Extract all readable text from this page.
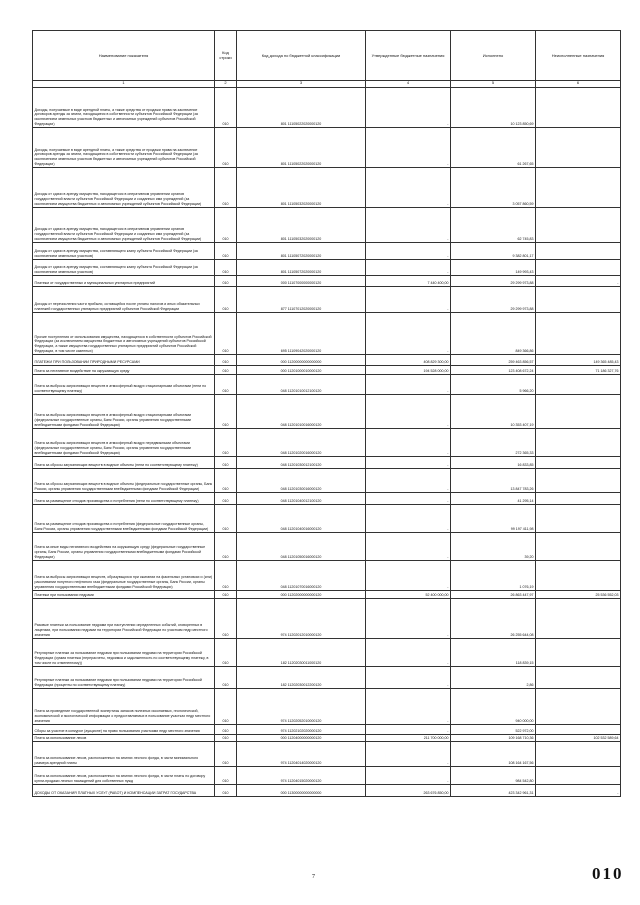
Наименование показателя	Код строки	Код дохода по бюджетной классификации	Утвержденные бюджетные назначения	Исполнено	Неисполненные назначения
1	2	3	4	5	6
Доходы, получаемые в виде арендной платы, а также средства от продажи права на заключение договоров аренды за земли, находящиеся в собственности субъектов Российской Федерации (за исключением земельных участков бюджетных и автономных учреждений субъектов Российской Федерации)	010	801 11105022020000120	-	10 123 850,69	
Доходы, получаемые в виде арендной платы, а также средства от продажи права на заключение договоров аренды за земли, находящиеся в собственности субъектов Российской Федерации (за исключением земельных участков бюджетных и автономных учреждений субъектов Российской Федерации)	010	801 11105022020000120	-	61 267,65	
Доходы от сдачи в аренду имущества, находящегося в оперативном управлении органов государственной власти субъектов Российской Федерации и созданных ими учреждений (за исключением имущества бюджетных и автономных учреждений субъектов Российской Федерации)	010	801 11105032020000120	-	3 057 860,59	
Доходы от сдачи в аренду имущества, находящегося в оперативном управлении органов государственной власти субъектов Российской Федерации и созданных ими учреждений (за исключением имущества бюджетных и автономных учреждений субъектов Российской Федерации)	010	801 11105032020000120	-	62 745,83	
Доходы от сдачи в аренду имущества, составляющего казну субъекта Российской Федерации (за исключением земельных участков)	010	801 11105072020000120	-	9 382 801,17	
Доходы от сдачи в аренду имущества, составляющего казну субъекта Российской Федерации (за исключением земельных участков)	010	801 11105072020000120	-	149 993,43	
Платежи от государственных и муниципальных унитарных предприятий	010	000 11107000000000120	7 440 400,00	29 299 973,88	-
Доходы от перечисления части прибыли, остающейся после уплаты налогов и иных обязательных платежей государственных унитарных предприятий субъектов Российской Федерации	010	877 11107012020000120	-	29 299 973,88	
Прочие поступления от использования имущества, находящегося в собственности субъектов Российской Федерации (за исключением имущества бюджетных и автономных учреждений субъектов Российской Федерации, а также имущества государственных унитарных предприятий субъектов Российской Федерации, в том числе казенных)	010	695 11109042020000120	-	849 366,86	
ПЛАТЕЖИ ПРИ ПОЛЬЗОВАНИИ ПРИРОДНЫМИ РЕСУРСАМИ	010	000 11200000000000000	408 829 300,00	259 463 856,57	149 365 485,43
Плата за негативное воздействие на окружающую среду	010	000 11201000010000120	194 528 000,00	123 408 672,24	71 186 327,76
Плата за выбросы загрязняющих веществ в атмосферный воздух стационарными объектами (пени по соответствующему платежу)	010	048 11201010012100120	-	5 966,20	
Плата за выбросы загрязняющих веществ в атмосферный воздух стационарными объектами (федеральные государственные органы, Банк России, органы управления государственными внебюджетными фондами Российской Федерации)	010	048 11201010016000120	-	10 353 407,19	
Плата за выбросы загрязняющих веществ в атмосферный воздух передвижными объектами (федеральные государственные органы, Банк России, органы управления государственными внебюджетными фондами Российской Федерации)	010	048 11201020016000120	-	272 365,33	
Плата за сбросы загрязняющих веществ в водные объекты (пени по соответствующему платежу)	010	048 11201030012100120	-	16 833,85	
Плата за сбросы загрязняющих веществ в водные объекты (федеральные государственные органы, Банк России, органы управления государственными внебюджетными фондами Российской Федерации)	010	048 11201030016000120	-	13 847 783,26	
Плата за размещение отходов производства и потребления (пени по соответствующему платежу)	010	048 11201040012100120	-	41 295,14	
Плата за размещение отходов производства и потребления (федеральные государственные органы, Банк России, органы управления государственными внебюджетными фондами Российской Федерации)	010	048 11201040016000120	-	99 197 411,98	
Плата за иные виды негативного воздействия на окружающую среду (федеральные государственные органы, Банк России, органы управления государственными внебюджетными фондами Российской Федерации)	010	048 11201050016000120	-	39,20	
Плата за выбросы загрязняющих веществ, образующихся при сжигании на факельных установках и (или) рассеивании попутного нефтяного газа (федеральные государственные органы, Банк России, органы управления государственными внебюджетными фондами Российской Федерации)	010	048 11201070016000120	-	1 076,19	
Платежи при пользовании недрами	010	000 11202000000000120	52 400 000,00	26 863 447,97	25 536 552,03
Разовые платежи за пользование недрами при наступлении определенных событий, оговоренных в лицензии, при пользовании недрами на территории Российской Федерации по участкам недр местного значения	010	974 11202012010000120	-	26 255 644,08	
Регулярные платежи за пользование недрами при пользовании недрами на территории Российской Федерации (сумма платежа (перерасчеты, недоимка и задолженность по соответствующему платежу, в том числе по отмененному))	010	182 11202030011000120	-	118 839,15	
Регулярные платежи за пользование недрами при пользовании недрами на территории Российской Федерации (проценты по соответствующему платежу)	010	182 11202030012200120	-	2,86	
Плата за проведение государственной экспертизы запасов полезных ископаемых, геологической, экономической и экологической информации о предоставляемых в пользование участках недр местного значения	010	974 11202052010000120	-	940 000,00	
Сборы за участие в конкурсе (аукционе) на право пользования участками недр местного значения	010	974 11202102020000120	-	522 972,00	
Плата за использование лесов	010	000 11204000000000120	211 700 000,00	109 168 710,36	102 532 589,64
Плата за использование лесов, расположенных на землях лесного фонда, в части минимального размера арендной платы	010	974 11204014020000120	-	108 164 167,56	
Плата за использование лесов, расположенных на землях лесного фонда, в части платы по договору купли-продажи лесных насаждений для собственных нужд	010	974 11204015020000120	-	984 542,80	
ДОХОДЫ ОТ ОКАЗАНИЯ ПЛАТНЫХ УСЛУГ (РАБОТ) И КОМПЕНСАЦИИ ЗАТРАТ ГОСУДАРСТВА	010	000 11300000000000000	263 676 850,00	423 342 961,31	-
7	010
